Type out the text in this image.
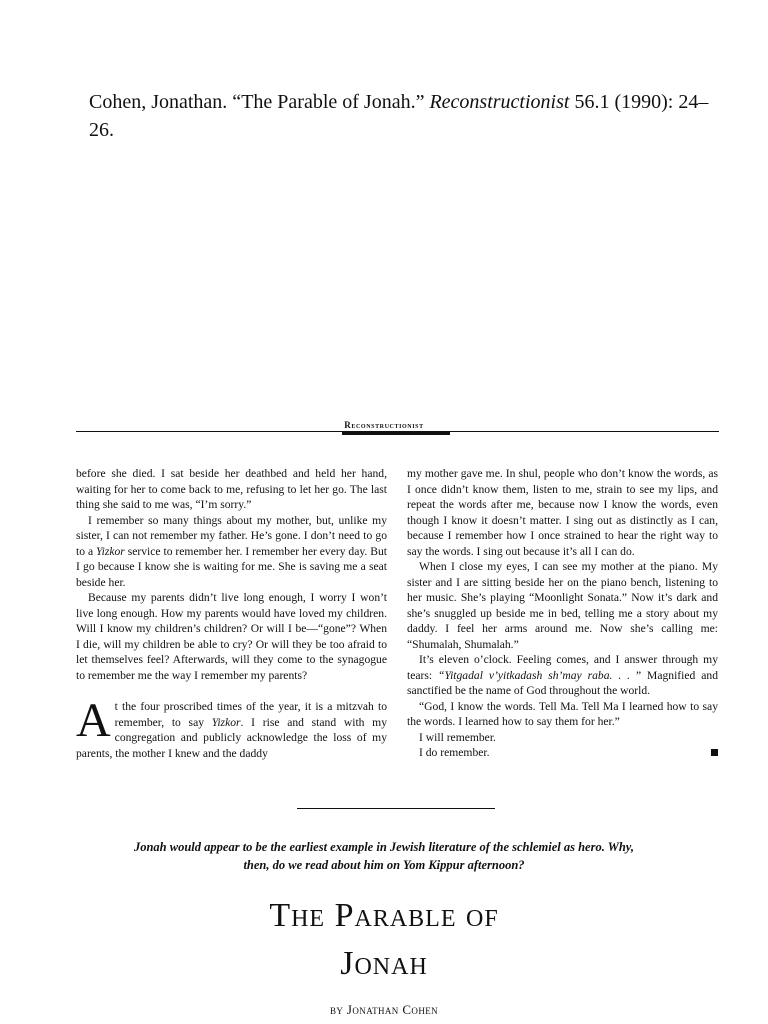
Cohen, Jonathan. “The Parable of Jonah.” Reconstructionist 56.1 (1990): 24–26.
Reconstructionist

before she died. I sat beside her deathbed and held her hand, waiting for her to come back to me, refusing to let her go. The last thing she said to me was, “I’m sorry.”

I remember so many things about my mother, but, unlike my sister, I can not remember my father. He’s gone. I don’t need to go to a Yizkor service to remember her. I remember her every day. But I go because I know she is waiting for me. She is saving me a seat beside her.

Because my parents didn’t live long enough, I worry I won’t live long enough. How my parents would have loved my children. Will I know my children’s children? Or will I be—“gone”? When I die, will my children be able to cry? Or will they be too afraid to let themselves feel? Afterwards, will they come to the synagogue to remember me the way I remember my parents?

At the four proscribed times of the year, it is a mitzvah to remember, to say Yizkor. I rise and stand with my congregation and publicly acknowledge the loss of my parents, the mother I knew and the daddy

my mother gave me. In shul, people who don’t know the words, as I once didn’t know them, listen to me, strain to see my lips, and repeat the words after me, because now I know the words, even though I know it doesn’t matter. I sing out as distinctly as I can, because I remember how I once strained to hear the right way to say the words. I sing out because it’s all I can do.

When I close my eyes, I can see my mother at the piano. My sister and I are sitting beside her on the piano bench, listening to her music. She’s playing “Moonlight Sonata.” Now it’s dark and she’s snuggled up beside me in bed, telling me a story about my daddy. I feel her arms around me. Now she’s calling me: “Shumalah, Shumalah.”

It’s eleven o’clock. Feeling comes, and I answer through my tears: “Yitgadal v’yitkadash sh’may raba. . . ” Magnified and sanctified be the name of God throughout the world.

“God, I know the words. Tell Ma. Tell Ma I learned how to say the words. I learned how to say them for her.”

I will remember.

I do remember.

Jonah would appear to be the earliest example in Jewish literature of the schlemiel as hero. Why, then, do we read about him on Yom Kippur afternoon?
The Parable of
Jonah
by Jonathan Cohen
